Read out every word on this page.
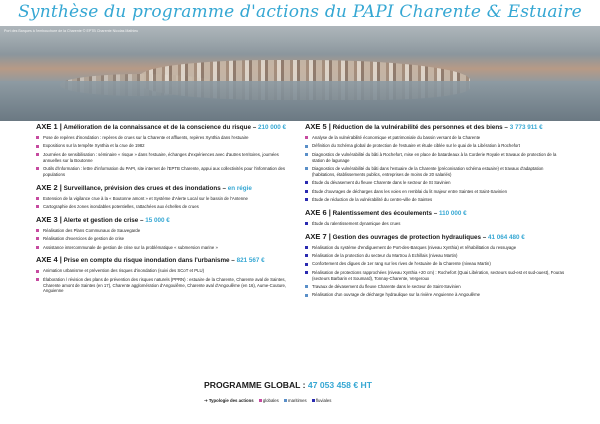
Synthèse du programme d'actions du PAPI Charente & Estuaire
Port des Barques à l'embouchure de la Charente © EPTB Charente Nicolas Mathieu
AXE 1 | Amélioration de la connaissance et de la conscience du risque – 210 000 €
Pose de repères d'inondation : repères de crues sur la Charente et affluents, repères Xynthia dans l'estuaire
Expositions sur la tempête Xynthia et la crue de 1982
Journées de sensibilisation : séminaire « risque » dans l'estuaire, échanges d'expériences avec d'autres territoires, journées annuelles sur la Boutonne
Outils d'information : lettre d'information du PAPI, site internet de l'EPTB Charente, appui aux collectivités pour l'information des populations
AXE 2 | Surveillance, prévision des crues et des inondations – en régie
Extension de la vigilance crue à la « Boutonne amont » et Système d'Alerte Local sur le bassin de l'Antenne
Cartographie des zones inondables potentielles, rattachées aux échelles de crues
AXE 3 | Alerte et gestion de crise – 15 000 €
Réalisation des Plans Communaux de Sauvegarde
Réalisation d'exercices de gestion de crise
Assistance intercommunale de gestion de crise sur la problématique « submersion marine »
AXE 4 | Prise en compte du risque inondation dans l'urbanisme – 821 567 €
Animation urbanisme et prévention des risques d'inondation (suivi des SCoT et PLU)
Élaboration / révision des plans de prévention des risques naturels (PPRN) : estuaire de la Charente, Charente aval de Saintes, Charente amont de Saintes (en 17), Charente agglomération d'Angoulême, Charente aval d'Angoulême (en 16), Aume-Couture, Anguienne
AXE 5 | Réduction de la vulnérabilité des personnes et des biens – 3 773 911 €
Analyse de la vulnérabilité économique et patrimoniale du bassin versant de la Charente
Définition du Schéma global de protection de l'estuaire et étude ciblée sur le quai de la Libération à Rochefort
Diagnostics de vulnérabilité du bâti à Rochefort, mise en place de batardeaux à la Corderie Royale et travaux de protection de la station de lagunage
Diagnostics de vulnérabilité du bâti dans l'estuaire de la Charente (préconisation schéma estuaire) et travaux d'adaptation (habitations, établissements publics, entreprises de moins de 20 salariés)
Étude du dévasement du fleuve Charente dans le secteur de St Savinien
Étude d'ouvrages de décharges dans les voies en remblai du lit majeur entre Saintes et Saint-Savinien
Étude de réduction de la vulnérabilité du centre-ville de Saintes
AXE 6 | Ralentissement des écoulements – 110 000 €
Étude du ralentissement dynamique des crues
AXE 7 | Gestion des ouvrages de protection hydrauliques – 41 064 480 €
Réalisation du système d'endiguement de Port-des-Barques (niveau Xynthia) et réhabilitation du ressuyage
Réalisation de la protection du secteur du Martrou à Echillais (niveau Martin)
Confortement des digues de 1er rang sur les rives de l'estuaire de la Charente (niveau Martin)
Réalisation de protections rapprochées (niveau Xynthia +20 cm) : Rochefort (Quai Libération, secteurs sud-est et sud-ouest), Fouras (secteurs Barbarin et Soumard), Tonnay-Charente, Vergeroux
Travaux de dévasement du fleuve Charente dans le secteur de Saint-Savinien
Réalisation d'un ouvrage de décharge hydraulique sur la rivière Anguienne à Angoulême
PROGRAMME GLOBAL : 47 053 458 € HT
➔ Typologie des actions globales maritimes fluviales
